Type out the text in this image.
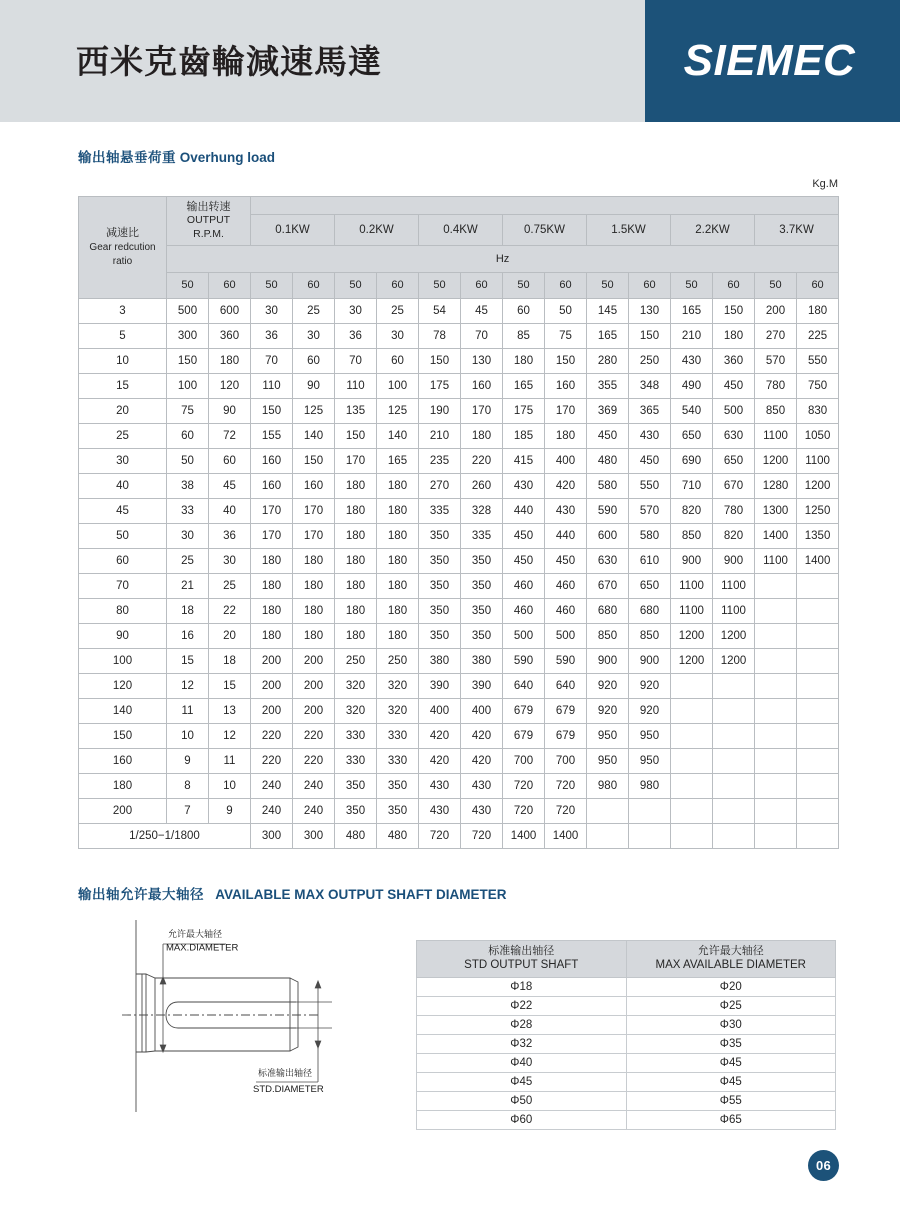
西米克齒輪減速馬達	SIEMEC
输出轴悬垂荷重 Overhung load
Kg.M
减速比
Gear redcution ratio	输出转速
OUTPUT
R.P.M.															

			0.1KW		0.2KW		0.4KW		0.75KW		1.5KW		2.2KW		3.7KW	
	Hz															
	50	60	50	60	50	60	50	60	50	60	50	60	50	60	50	60
3	500	600	30	25	30	25	54	45	60	50	145	130	165	150	200	180
5	300	360	36	30	36	30	78	70	85	75	165	150	210	180	270	225
10	150	180	70	60	70	60	150	130	180	150	280	250	430	360	570	550
15	100	120	110	90	110	100	175	160	165	160	355	348	490	450	780	750
20	75	90	150	125	135	125	190	170	175	170	369	365	540	500	850	830
25	60	72	155	140	150	140	210	180	185	180	450	430	650	630	1100	1050
30	50	60	160	150	170	165	235	220	415	400	480	450	690	650	1200	1100
40	38	45	160	160	180	180	270	260	430	420	580	550	710	670	1280	1200
45	33	40	170	170	180	180	335	328	440	430	590	570	820	780	1300	1250
50	30	36	170	170	180	180	350	335	450	440	600	580	850	820	1400	1350
60	25	30	180	180	180	180	350	350	450	450	630	610	900	900	1100	1400
70	21	25	180	180	180	180	350	350	460	460	670	650	1100	1100		
80	18	22	180	180	180	180	350	350	460	460	680	680	1100	1100		
90	16	20	180	180	180	180	350	350	500	500	850	850	1200	1200		
100	15	18	200	200	250	250	380	380	590	590	900	900	1200	1200		
120	12	15	200	200	320	320	390	390	640	640	920	920				
140	11	13	200	200	320	320	400	400	679	679	920	920				
150	10	12	220	220	330	330	420	420	679	679	950	950				
160	9	11	220	220	330	330	420	420	700	700	950	950				
180	8	10	240	240	350	350	430	430	720	720	980	980				
200	7	9	240	240	350	350	430	430	720	720						
1/250−1/1800			300	300	480	480	720	720	1400	1400						
输出轴允许最大轴径 AVAILABLE MAX OUTPUT SHAFT DIAMETER
允许最大轴径
MAX.DIAMETER
标准输出轴径
STD.DIAMETER
标准输出轴径
STD OUTPUT SHAFT	允许最大轴径
MAX AVAILABLE DIAMETER

Φ18	Φ20
Φ22	Φ25
Φ28	Φ30
Φ32	Φ35
Φ40	Φ45
Φ45	Φ45
Φ50	Φ55
Φ60	Φ65
06
